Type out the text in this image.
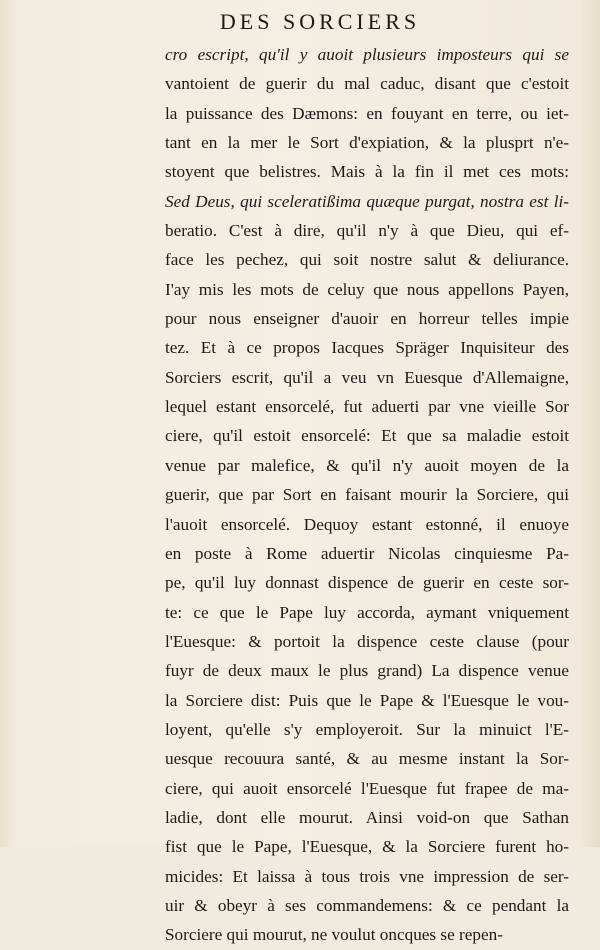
DES SORCIERS
cro escript, qu'il y auoit plusieurs imposteurs qui se
vantoient de guerir du mal caduc, disant que c'estoit
la puissance des Dæmons: en fouyant en terre, ou iet-
tant en la mer le Sort d'expiation, & la plusprt n'e-
stoyent que belistres. Mais à la fin il met ces mots:
Sed Deus, qui sceleratißima quæque purgat, nostra est li-
beratio. C'est à dire, qu'il n'y à que Dieu, qui ef-
face les pechez, qui soit nostre salut & deliurance.
I'ay mis les mots de celuy que nous appellons Payen,
pour nous enseigner d'auoir en horreur telles impie
tez. Et à ce propos Iacques Spräger Inquisiteur des
Sorciers escrit, qu'il a veu vn Euesque d'Allemaigne,
lequel estant ensorcelé, fut aduerti par vne vieille Sor
ciere, qu'il estoit ensorcelé: Et que sa maladie estoit
venue par malefice, & qu'il n'y auoit moyen de la
guerir, que par Sort en faisant mourir la Sorciere, qui
l'auoit ensorcelé. Dequoy estant estonné, il enuoye
en poste à Rome aduertir Nicolas cinquiesme Pa-
pe, qu'il luy donnast dispence de guerir en ceste sor-
te: ce que le Pape luy accorda, aymant vniquement
l'Euesque: & portoit la dispence ceste clause (pour
fuyr de deux maux le plus grand) La dispence venue
la Sorciere dist: Puis que le Pape & l'Euesque le vou-
loyent, qu'elle s'y employeroit. Sur la minuict l'E-
uesque recouura santé, & au mesme instant la Sor-
ciere, qui auoit ensorcelé l'Euesque fut frapee de ma-
ladie, dont elle mourut. Ainsi void-on que Sathan
fist que le Pape, l'Euesque, & la Sorciere furent ho-
micides: Et laissa à tous trois vne impression de ser-
uir & obeyr à ses commandemens: & ce pendant la
Sorciere qui mourut, ne voulut oncques se repen-
